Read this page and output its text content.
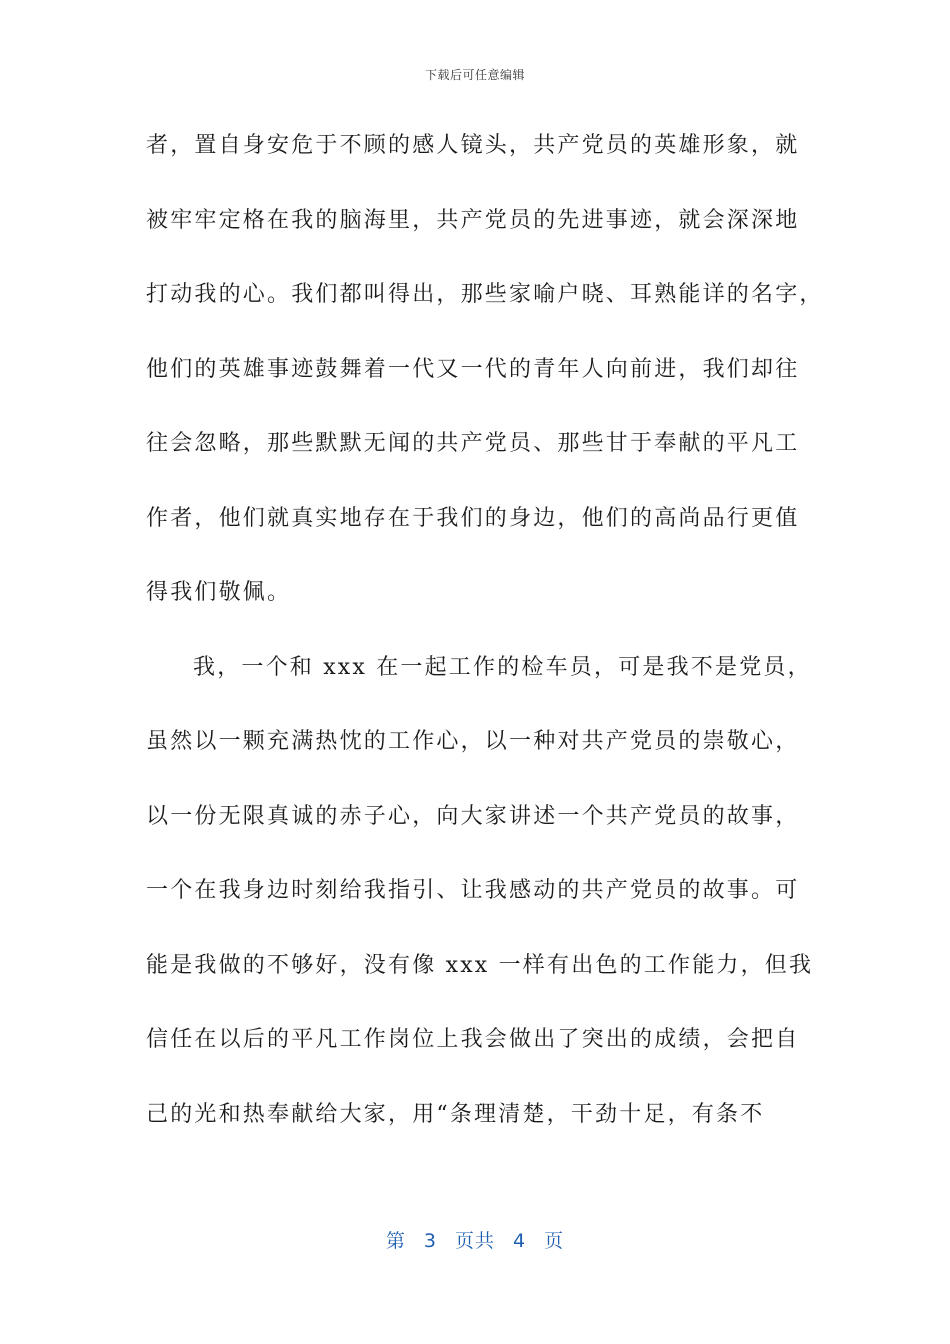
下载后可任意编辑
者，置自身安危于不顾的感人镜头，共产党员的英雄形象，就
被牢牢定格在我的脑海里，共产党员的先进事迹，就会深深地
打动我的心。我们都叫得出，那些家喻户晓、耳熟能详的名字，
他们的英雄事迹鼓舞着一代又一代的青年人向前进，我们却往
往会忽略，那些默默无闻的共产党员、那些甘于奉献的平凡工
作者，他们就真实地存在于我们的身边，他们的高尚品行更值
得我们敬佩。
我，一个和 xxx 在一起工作的检车员，可是我不是党员，
虽然以一颗充满热忱的工作心，以一种对共产党员的崇敬心，
以一份无限真诚的赤子心，向大家讲述一个共产党员的故事，
一个在我身边时刻给我指引、让我感动的共产党员的故事。可
能是我做的不够好，没有像 xxx 一样有出色的工作能力，但我
信任在以后的平凡工作岗位上我会做出了突出的成绩，会把自
己的光和热奉献给大家，用“条理清楚，干劲十足，有条不
第 3 页共 4 页
